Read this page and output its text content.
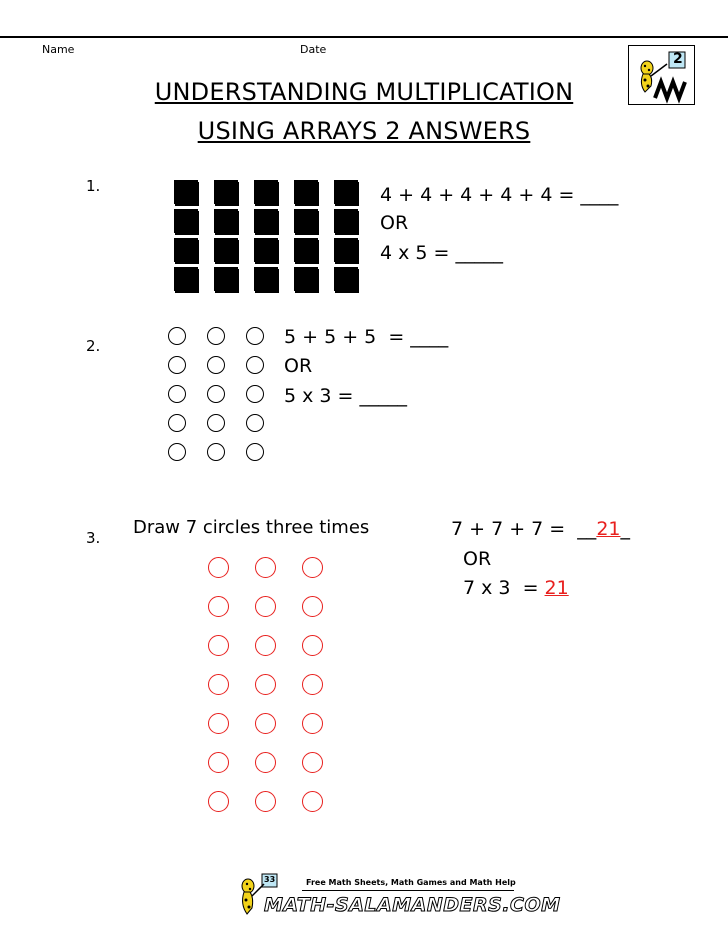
Name	Date
2
UNDERSTANDING MULTIPLICATION
USING ARRAYS 2 ANSWERS
1.	4 + 4 + 4 + 4 + 4 = ____
OR
4 x 5 = _____
2.	5 + 5 + 5  = ____
OR
5 x 3 = _____
3. Draw 7 circles three times	7 + 7 + 7 =  __21_
OR
7 x 3  = 21
33	Free Math Sheets, Math Games and Math Help
MATH-SALAMANDERS.COM
